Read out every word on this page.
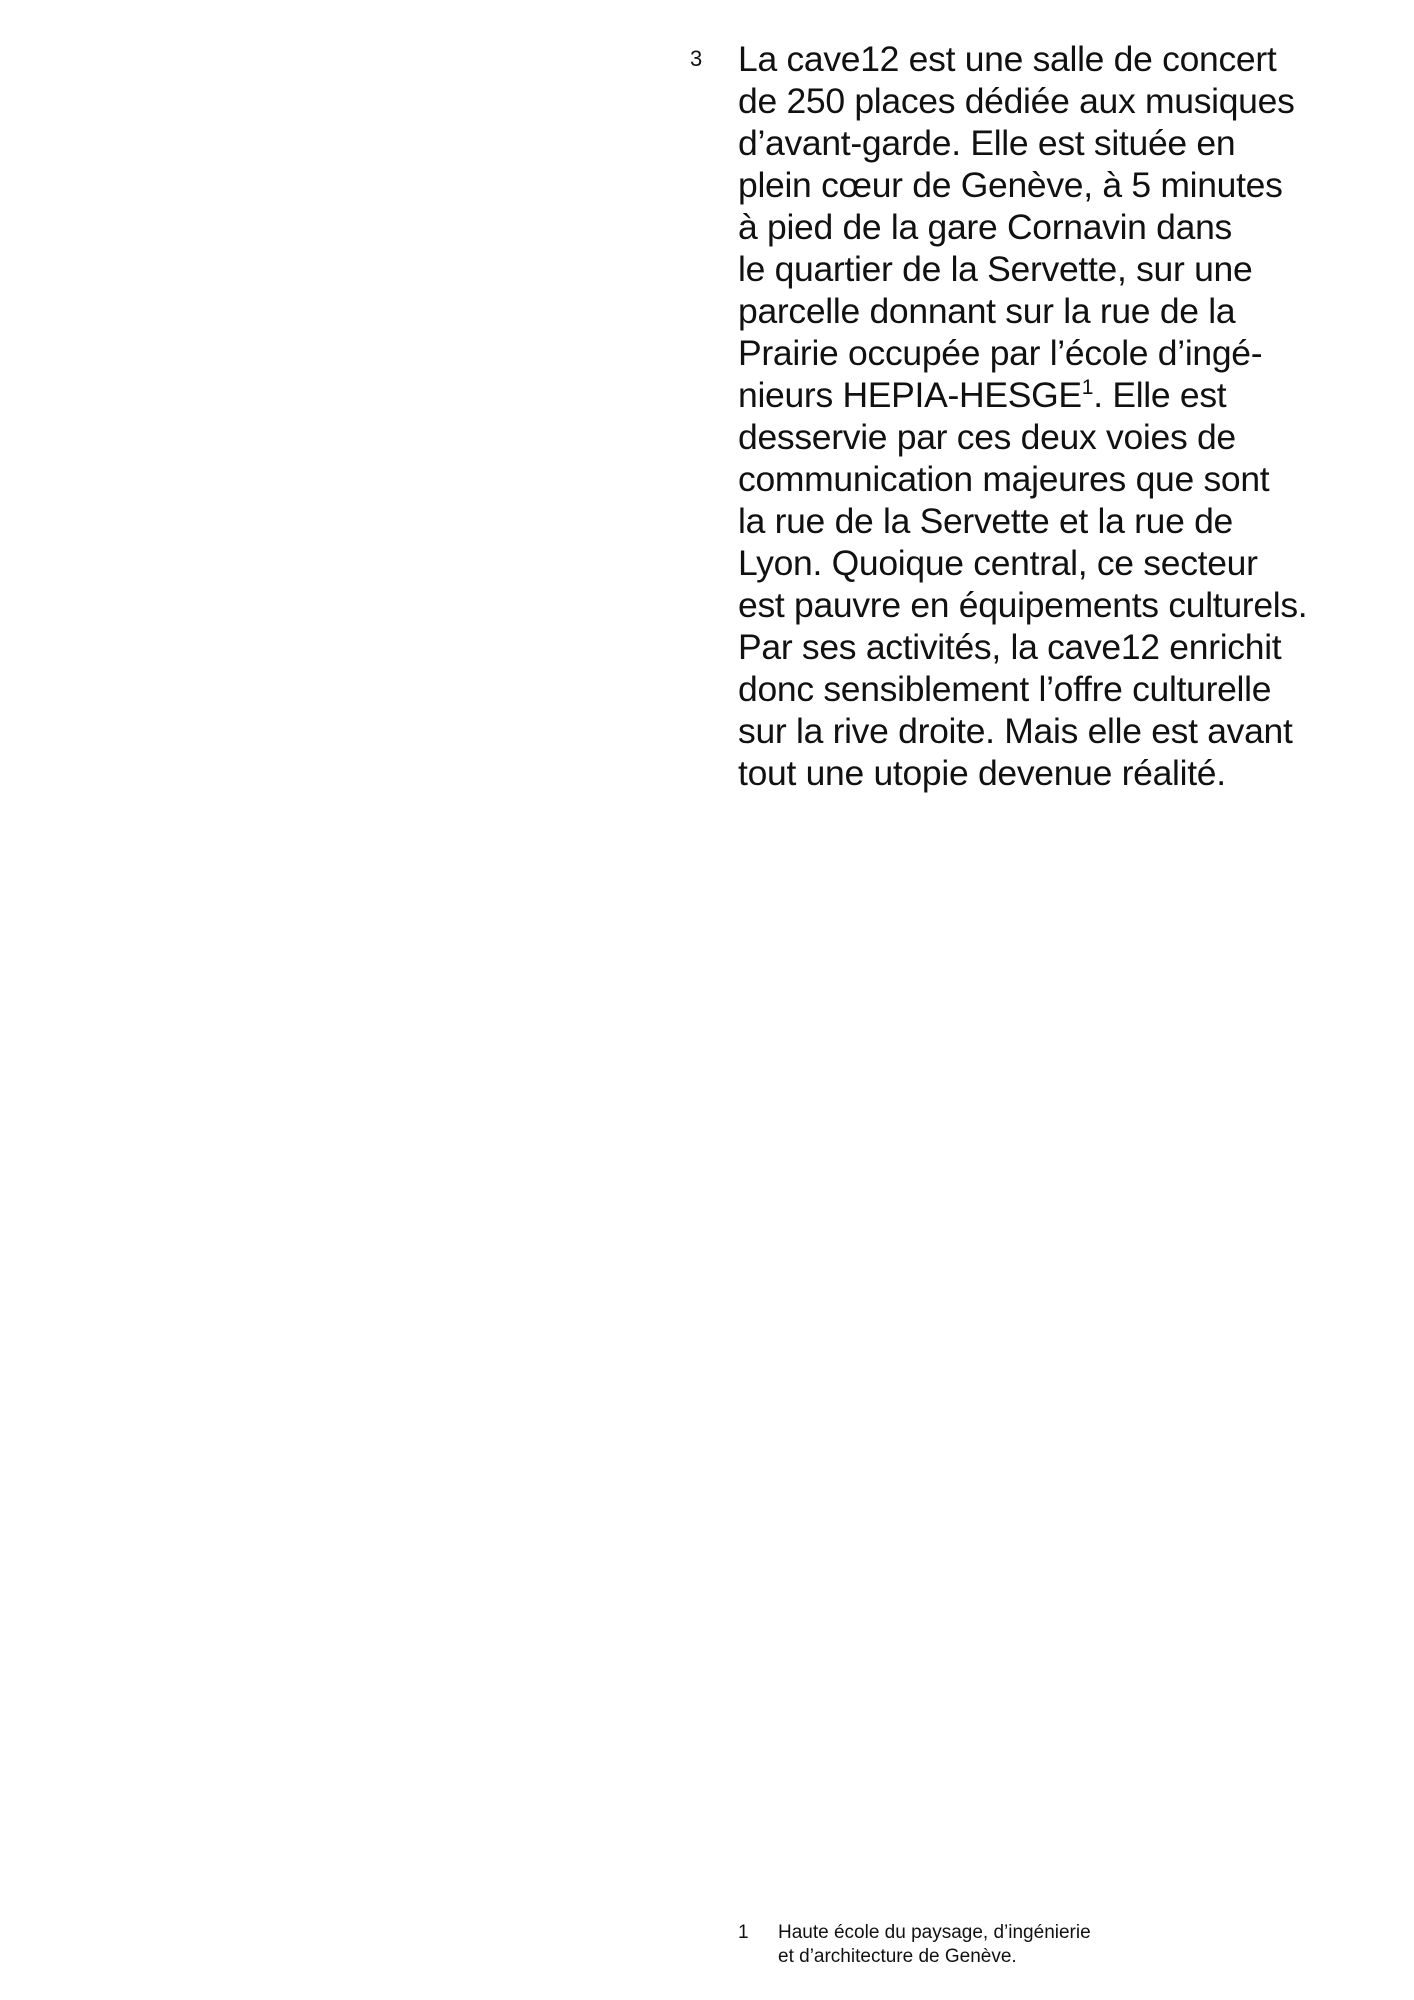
3 La cave12 est une salle de concert
de 250 places dédiée aux musiques
d’avant-garde. Elle est située en
plein cœur de Genève, à 5 minutes
à pied de la gare Cornavin dans
le quartier de la Servette, sur une
parcelle donnant sur la rue de la
Prairie occupée par l’école d’ingé-
nieurs HEPIA-HESGE$^1$. Elle est
desservie par ces deux voies de
communication majeures que sont
la rue de la Servette et la rue de
Lyon. Quoique central, ce secteur
est pauvre en équipements culturels.
Par ses activités, la cave12 enrichit
donc sensiblement l’offre culturelle
sur la rive droite. Mais elle est avant
tout une utopie devenue réalité.
1 Haute école du paysage, d’ingénierie
et d’architecture de Genève.
